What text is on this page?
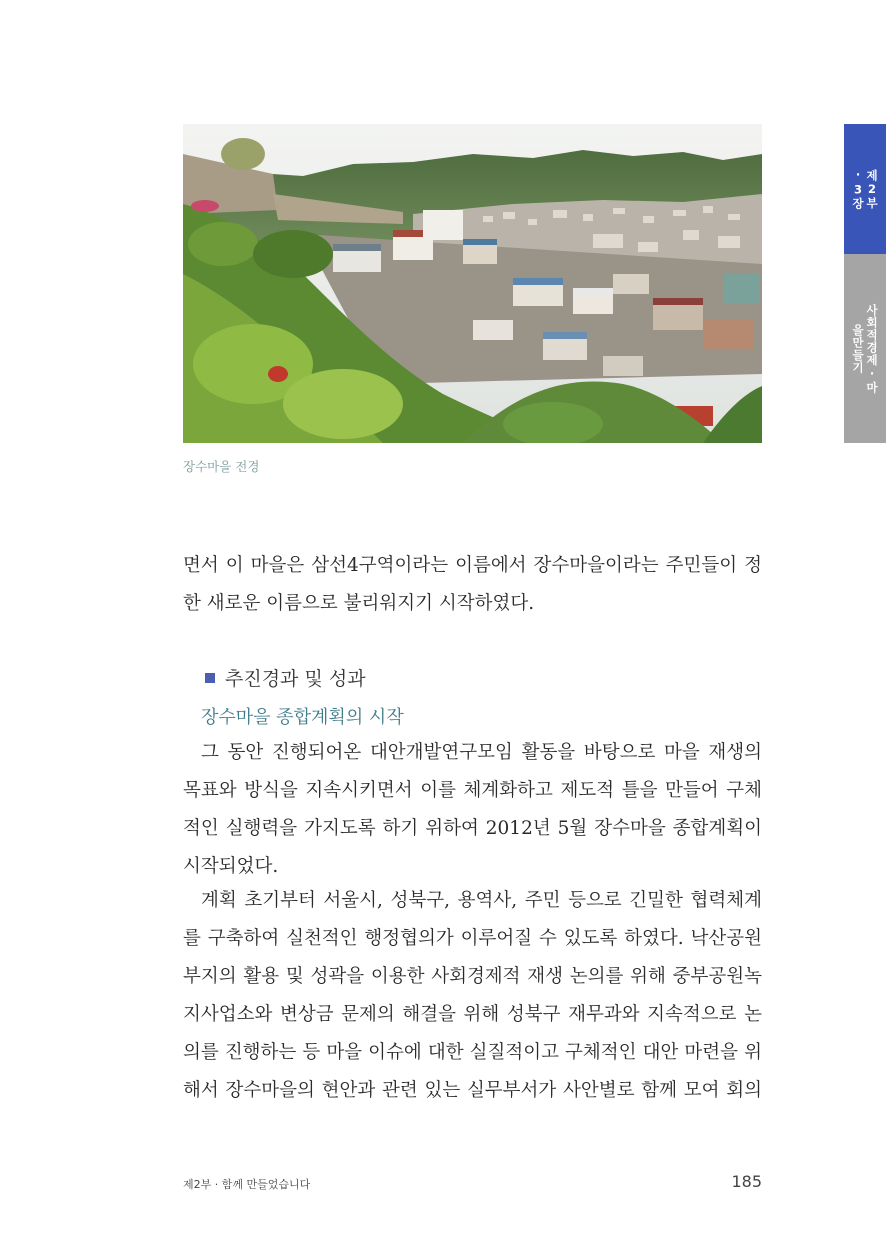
장수마을 전경
제2부·3장
사회적경제·마을만들기
면서 이 마을은 삼선4구역이라는 이름에서 장수마을이라는 주민들이 정
한 새로운 이름으로 불리워지기 시작하였다.
추진경과 및 성과
장수마을 종합계획의 시작
그 동안 진행되어온 대안개발연구모임 활동을 바탕으로 마을 재생의
목표와 방식을 지속시키면서 이를 체계화하고 제도적 틀을 만들어 구체
적인 실행력을 가지도록 하기 위하여 2012년 5월 장수마을 종합계획이
시작되었다.
계획 초기부터 서울시, 성북구, 용역사, 주민 등으로 긴밀한 협력체계
를 구축하여 실천적인 행정협의가 이루어질 수 있도록 하였다. 낙산공원
부지의 활용 및 성곽을 이용한 사회경제적 재생 논의를 위해 중부공원녹
지사업소와 변상금 문제의 해결을 위해 성북구 재무과와 지속적으로 논
의를 진행하는 등 마을 이슈에 대한 실질적이고 구체적인 대안 마련을 위
해서 장수마을의 현안과 관련 있는 실무부서가 사안별로 함께 모여 회의
제2부 · 함께 만들었습니다	185
